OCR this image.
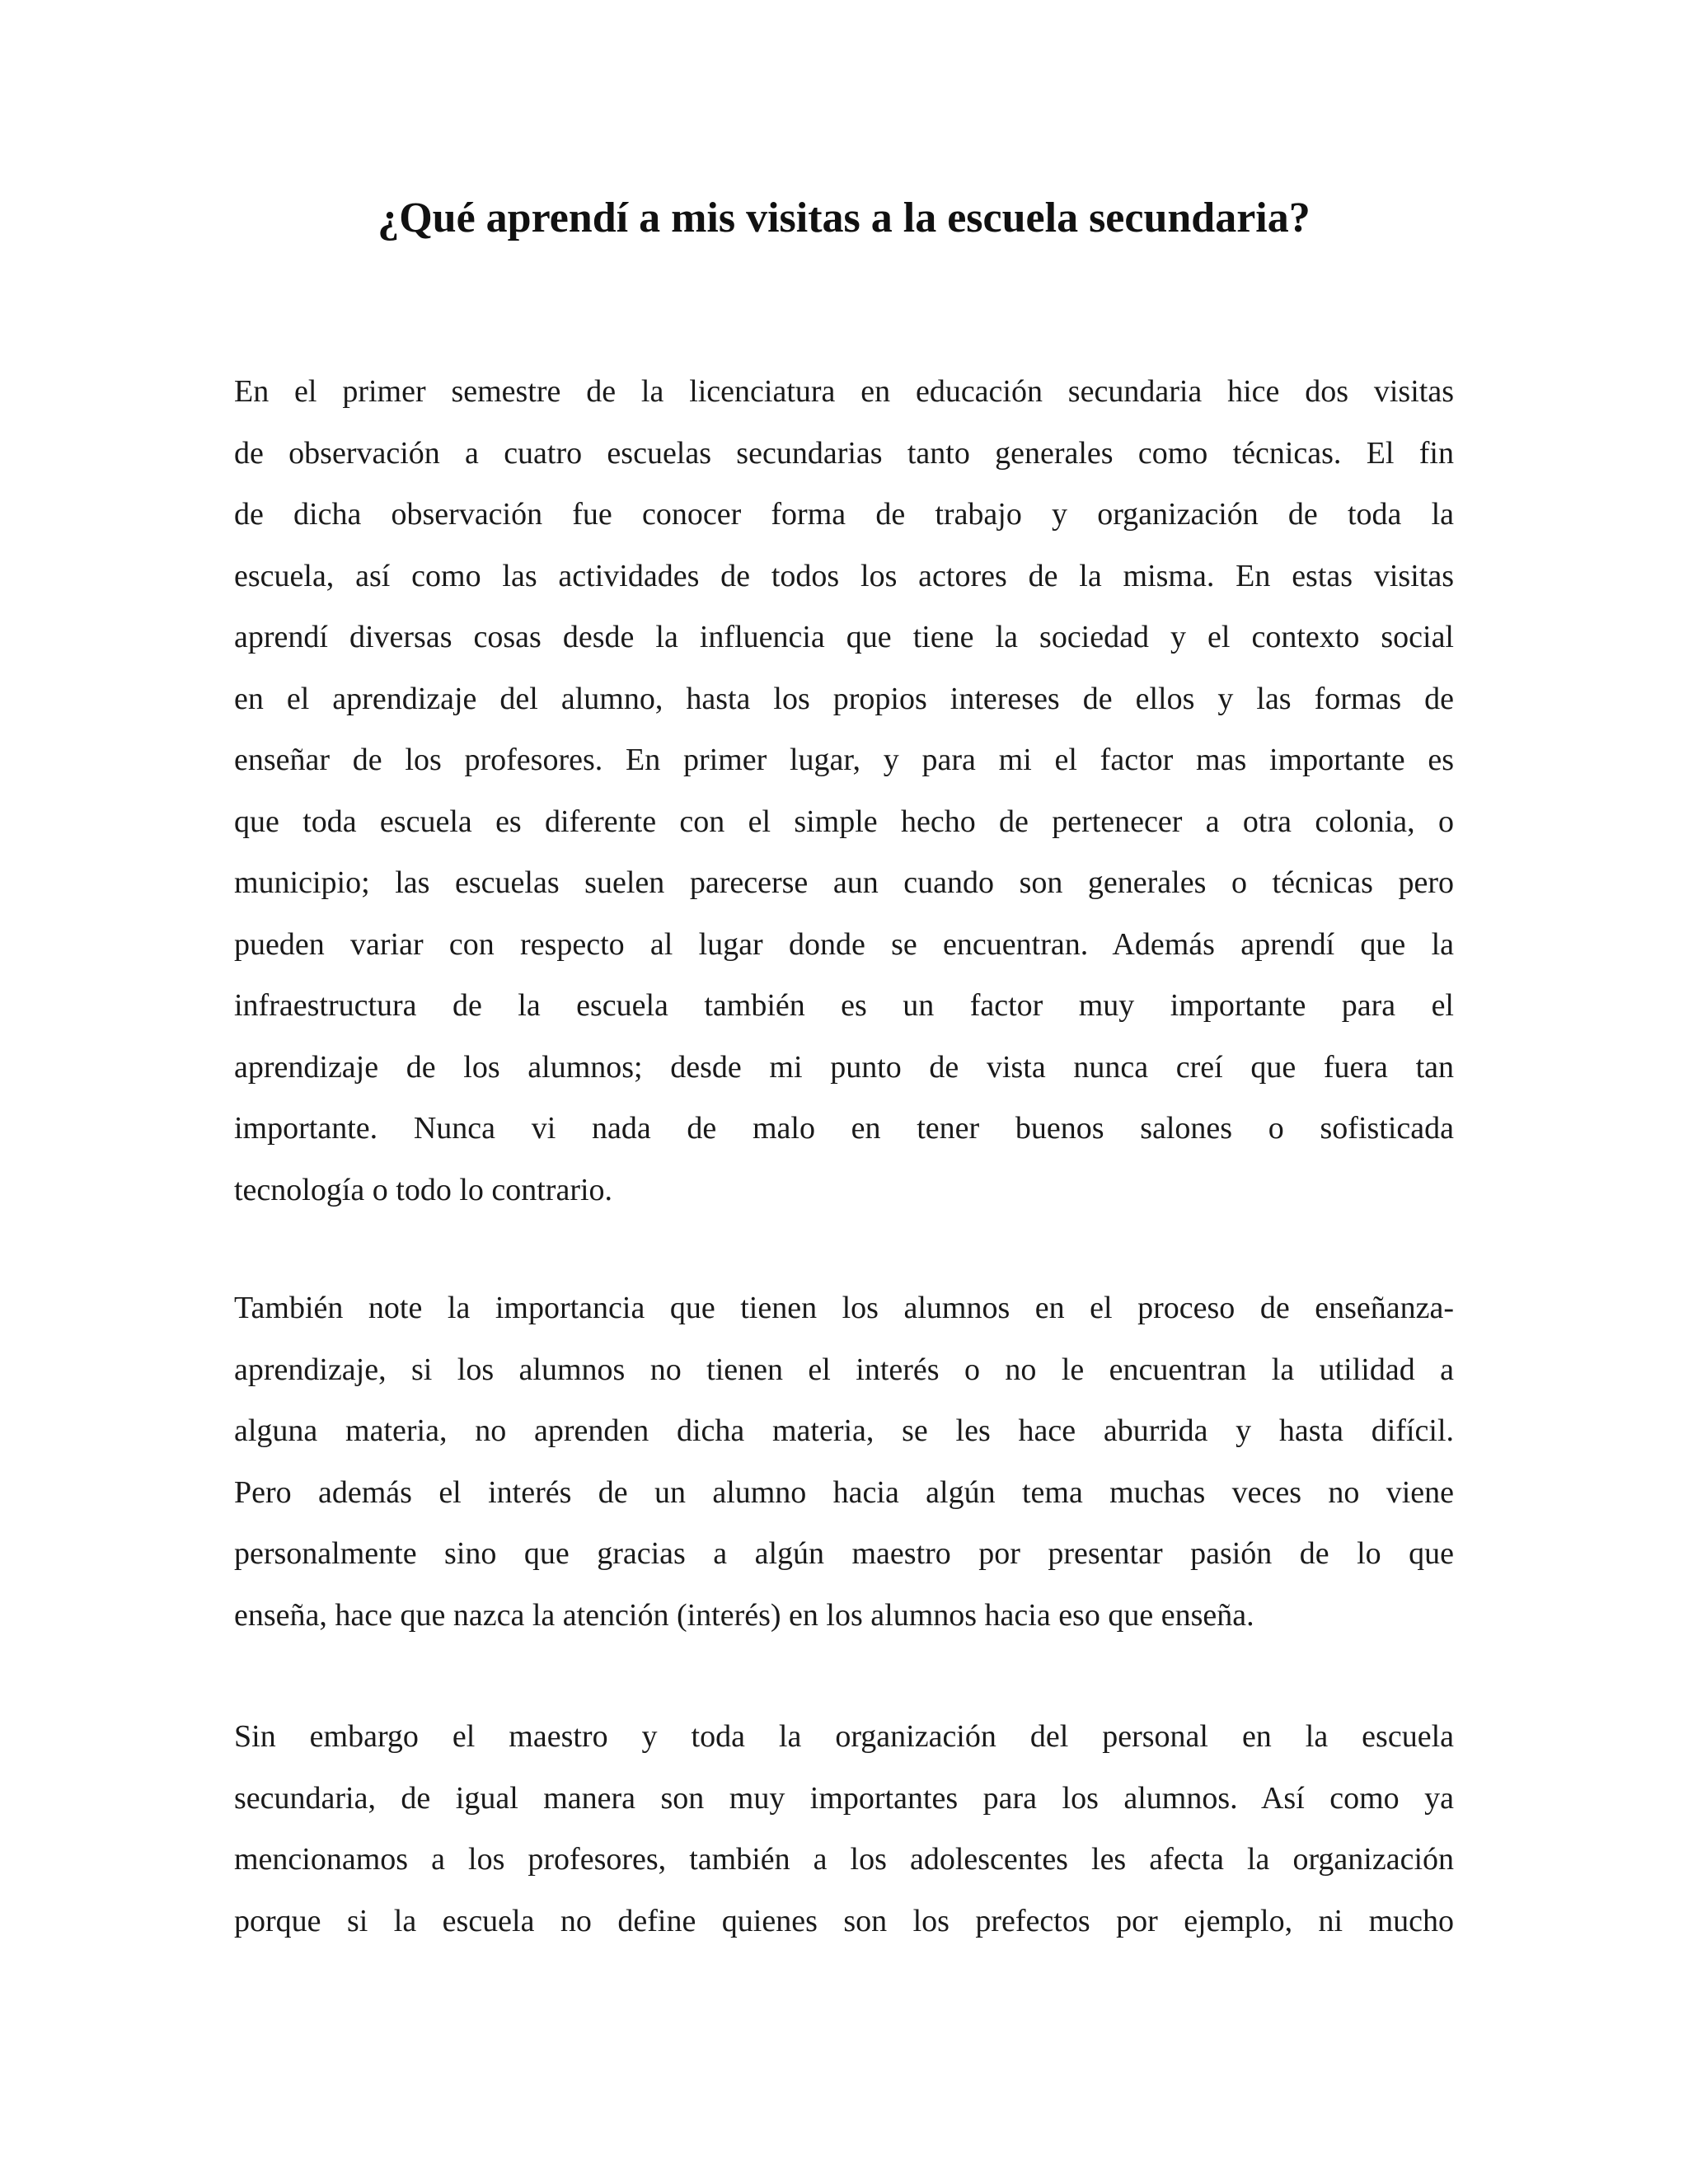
¿Qué aprendí a mis visitas a la escuela secundaria?
En el primer semestre de la licenciatura en educación secundaria hice dos visitas
de observación a cuatro escuelas secundarias tanto generales como técnicas. El fin
de dicha observación fue conocer forma de trabajo y organización de toda la
escuela, así como las actividades de todos los actores de la misma. En estas visitas
aprendí diversas cosas desde la influencia que tiene la sociedad y el contexto social
en el aprendizaje del alumno, hasta los propios intereses de ellos y las formas de
enseñar de los profesores. En primer lugar, y para mi el factor mas importante es
que toda escuela es diferente con el simple hecho de pertenecer a otra colonia, o
municipio; las escuelas suelen parecerse aun cuando son generales o técnicas pero
pueden variar con respecto al lugar donde se encuentran. Además aprendí que la
infraestructura de la escuela también es un factor muy importante para el
aprendizaje de los alumnos; desde mi punto de vista nunca creí que fuera tan
importante. Nunca vi nada de malo en tener buenos salones o sofisticada
tecnología o todo lo contrario.
También note la importancia que tienen los alumnos en el proceso de enseñanza-
aprendizaje, si los alumnos no tienen el interés o no le encuentran la utilidad a
alguna materia, no aprenden dicha materia, se les hace aburrida y hasta difícil.
Pero además el interés de un alumno hacia algún tema muchas veces no viene
personalmente sino que gracias a algún maestro por presentar pasión de lo que
enseña, hace que nazca la atención (interés) en los alumnos hacia eso que enseña.
Sin embargo el maestro y toda la organización del personal en la escuela
secundaria, de igual manera son muy importantes para los alumnos. Así como ya
mencionamos a los profesores, también a los adolescentes les afecta la organización
porque si la escuela no define quienes son los prefectos por ejemplo, ni mucho
